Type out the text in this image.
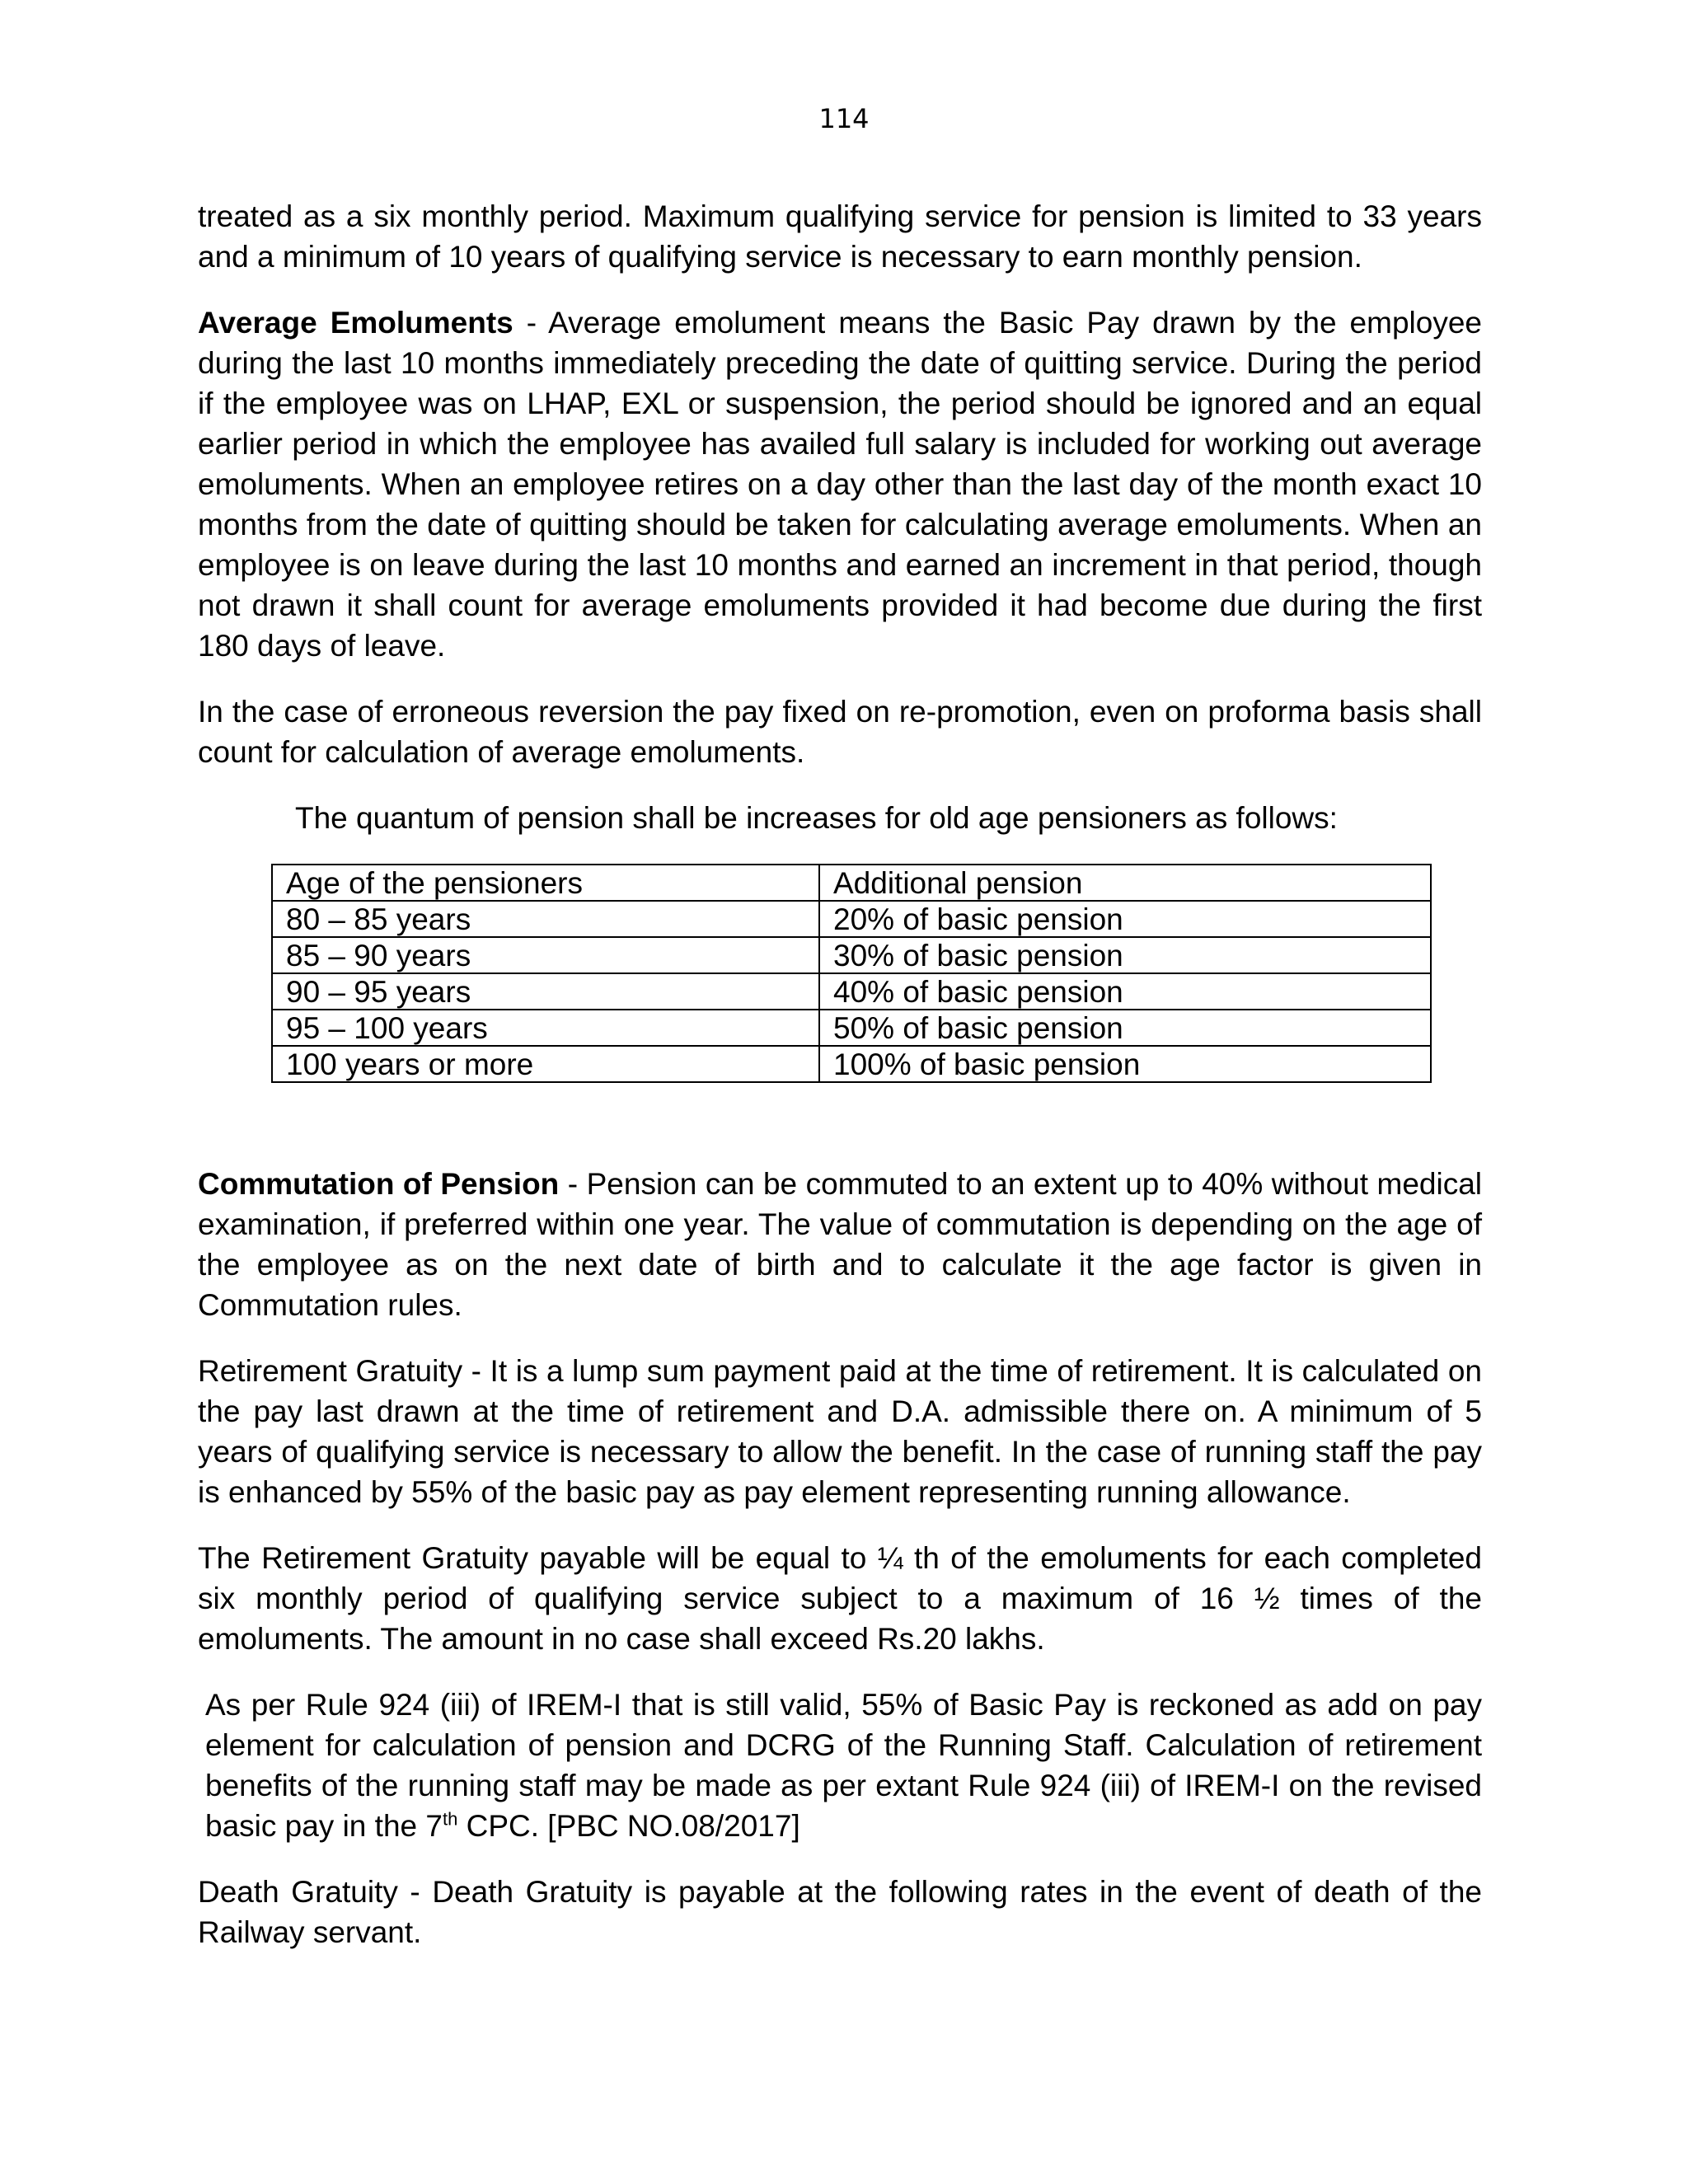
114

treated as a six monthly period. Maximum qualifying service for pension is limited to 33 years and a minimum of 10 years of qualifying service is necessary to earn monthly pension.

Average Emoluments - Average emolument means the Basic Pay drawn by the employee during the last 10 months immediately preceding the date of quitting service. During the period if the employee was on LHAP, EXL or suspension, the period should be ignored and an equal earlier period in which the employee has availed full salary is included for working out average emoluments. When an employee retires on a day other than the last day of the month exact 10 months from the date of quitting should be taken for calculating average emoluments. When an employee is on leave during the last 10 months and earned an increment in that period, though not drawn it shall count for average emoluments provided it had become due during the first 180 days of leave.

In the case of erroneous reversion the pay fixed on re-promotion, even on proforma basis shall count for calculation of average emoluments.

The quantum of pension shall be increases for old age pensioners as follows:

Age of the pensioners	Additional pension
80 – 85 years	20% of basic pension
85 – 90 years	30% of basic pension
90 – 95 years	40% of basic pension
95 – 100 years	50% of basic pension
100 years or more	100% of basic pension

Commutation of Pension - Pension can be commuted to an extent up to 40% without medical examination, if preferred within one year. The value of commutation is depending on the age of the employee as on the next date of birth and to calculate it the age factor is given in Commutation rules.

Retirement Gratuity - It is a lump sum payment paid at the time of retirement. It is calculated on the pay last drawn at the time of retirement and D.A. admissible there on. A minimum of 5 years of qualifying service is necessary to allow the benefit. In the case of running staff the pay is enhanced by 55% of the basic pay as pay element representing running allowance.

The Retirement Gratuity payable will be equal to ¼ th of the emoluments for each completed six monthly period of qualifying service subject to a maximum of 16 ½ times of the emoluments. The amount in no case shall exceed Rs.20 lakhs.

As per Rule 924 (iii) of IREM-I that is still valid, 55% of Basic Pay is reckoned as add on pay element for calculation of pension and DCRG of the Running Staff. Calculation of retirement benefits of the running staff may be made as per extant Rule 924 (iii) of IREM-I on the revised basic pay in the 7th CPC. [PBC NO.08/2017]

Death Gratuity - Death Gratuity is payable at the following rates in the event of death of the Railway servant.
